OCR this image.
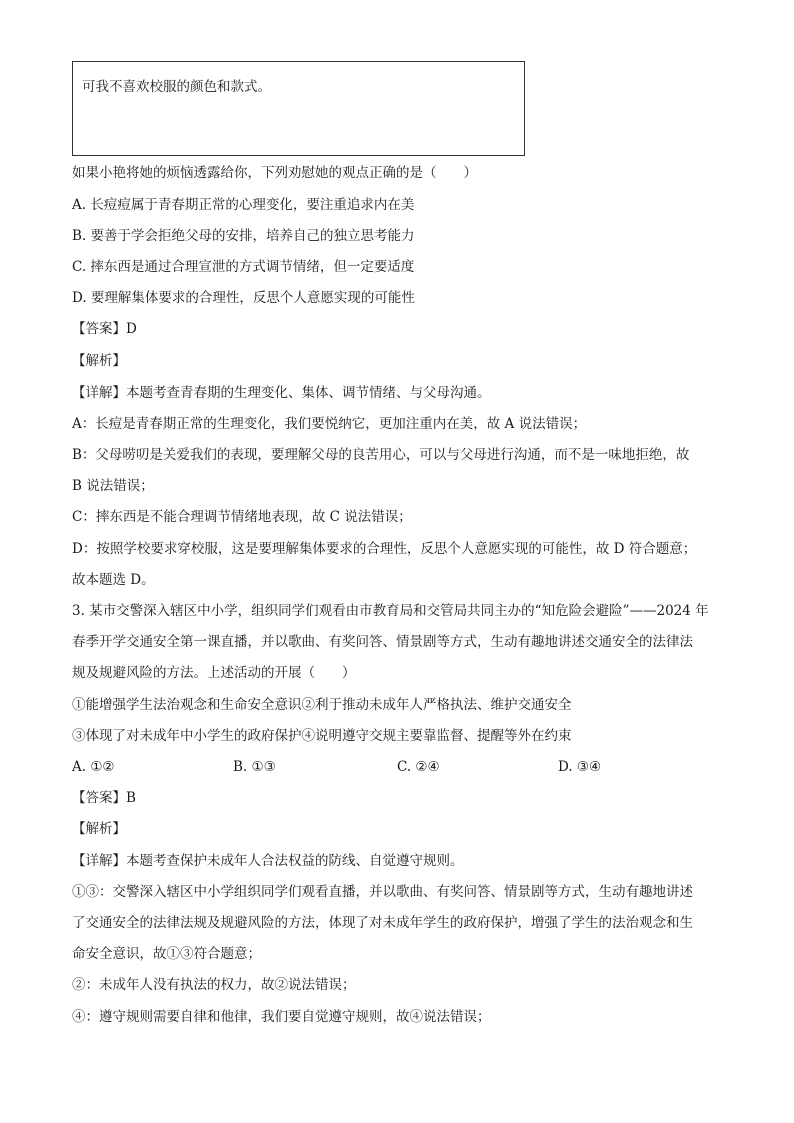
可我不喜欢校服的颜色和款式。
如果小艳将她的烦恼透露给你，下列劝慰她的观点正确的是（　　）
A. 长痘痘属于青春期正常的心理变化，要注重追求内在美
B. 要善于学会拒绝父母的安排，培养自己的独立思考能力
C. 摔东西是通过合理宣泄的方式调节情绪，但一定要适度
D. 要理解集体要求的合理性，反思个人意愿实现的可能性
【答案】D
【解析】
【详解】本题考查青春期的生理变化、集体、调节情绪、与父母沟通。
A：长痘是青春期正常的生理变化，我们要悦纳它，更加注重内在美，故 A 说法错误；
B：父母唠叨是关爱我们的表现，要理解父母的良苦用心，可以与父母进行沟通，而不是一味地拒绝，故
B 说法错误；
C：摔东西是不能合理调节情绪地表现，故 C 说法错误；
D：按照学校要求穿校服，这是要理解集体要求的合理性，反思个人意愿实现的可能性，故 D 符合题意；
故本题选 D。
3. 某市交警深入辖区中小学，组织同学们观看由市教育局和交管局共同主办的“知危险会避险”——2024 年
春季开学交通安全第一课直播，并以歌曲、有奖问答、情景剧等方式，生动有趣地讲述交通安全的法律法
规及规避风险的方法。上述活动的开展（　　）
①能增强学生法治观念和生命安全意识②利于推动未成年人严格执法、维护交通安全
③体现了对未成年中小学生的政府保护④说明遵守交规主要靠监督、提醒等外在约束
A. ①②	B. ①③	C. ②④	D. ③④
【答案】B
【解析】
【详解】本题考查保护未成年人合法权益的防线、自觉遵守规则。
①③：交警深入辖区中小学组织同学们观看直播，并以歌曲、有奖问答、情景剧等方式，生动有趣地讲述
了交通安全的法律法规及规避风险的方法，体现了对未成年学生的政府保护，增强了学生的法治观念和生
命安全意识，故①③符合题意；
②：未成年人没有执法的权力，故②说法错误；
④：遵守规则需要自律和他律，我们要自觉遵守规则，故④说法错误；
